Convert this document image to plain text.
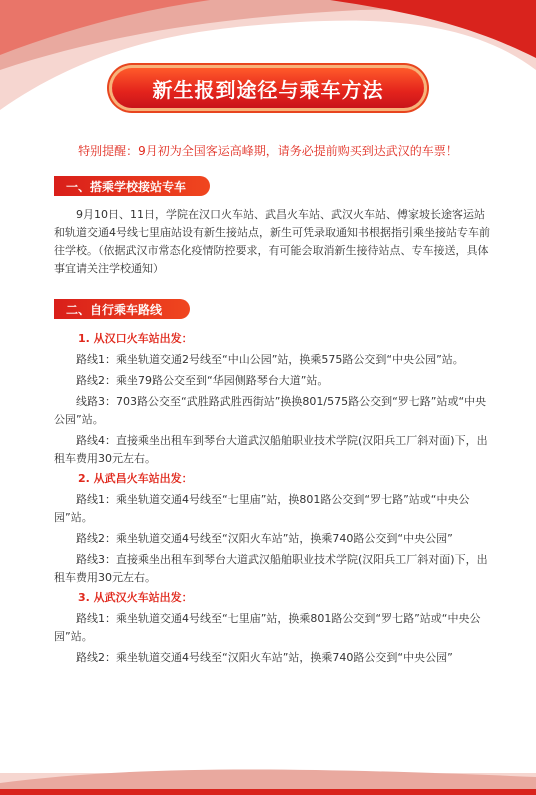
新生报到途径与乘车方法
特别提醒：9月初为全国客运高峰期，请务必提前购买到达武汉的车票！
一、搭乘学校接站专车

9月10日、11日，学院在汉口火车站、武昌火车站、武汉火车站、傅家坡长途客运站和轨道交通4号线七里庙站设有新生接站点，新生可凭录取通知书根据指引乘坐接站专车前往学校。（依据武汉市常态化疫情防控要求，有可能会取消新生接待站点、专车接送，具体事宜请关注学校通知）

二、自行乘车路线

1. 从汉口火车站出发：

路线1：乘坐轨道交通2号线至“中山公园”站，换乘575路公交到“中央公园”站。

路线2：乘坐79路公交至到“华园侧路琴台大道”站。

线路3：703路公交至“武胜路武胜西街站”换换801/575路公交到“罗七路”站或“中央公园”站。

路线4：直接乘坐出租车到琴台大道武汉船舶职业技术学院(汉阳兵工厂斜对面)下，出租车费用30元左右。

2. 从武昌火车站出发：

路线1：乘坐轨道交通4号线至“七里庙”站，换801路公交到“罗七路”站或“中央公园”站。

路线2：乘坐轨道交通4号线至“汉阳火车站”站，换乘740路公交到“中央公园”

路线3：直接乘坐出租车到琴台大道武汉船舶职业技术学院(汉阳兵工厂斜对面)下，出租车费用30元左右。

3. 从武汉火车站出发：

路线1：乘坐轨道交通4号线至“七里庙”站，换乘801路公交到“罗七路”站或“中央公园”站。

路线2：乘坐轨道交通4号线至“汉阳火车站”站，换乘740路公交到“中央公园”
